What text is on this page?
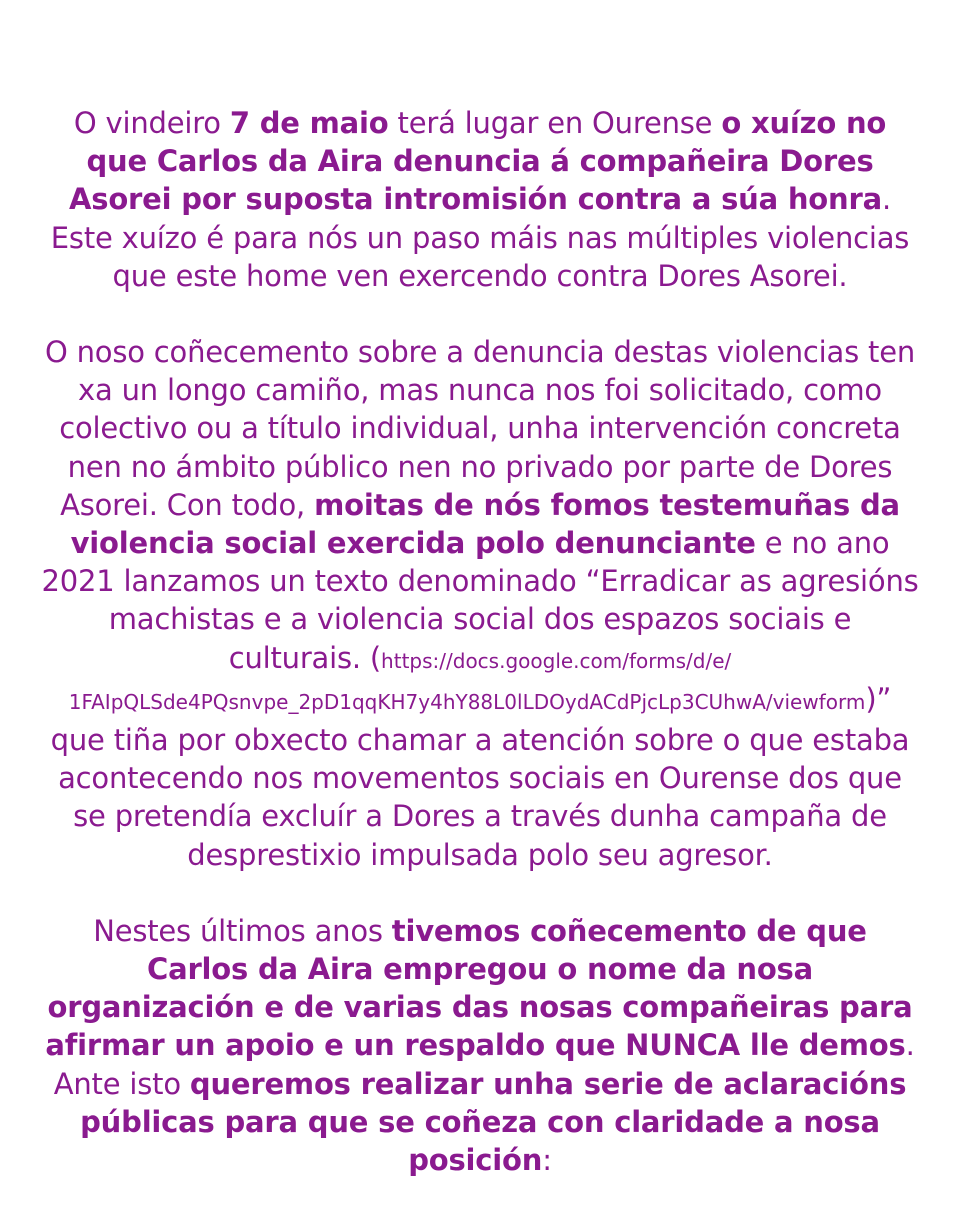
O vindeiro 7 de maio terá lugar en Ourense o xuízo no que Carlos da Aira denuncia á compañeira Dores Asorei por suposta intromisión contra a súa honra. Este xuízo é para nós un paso máis nas múltiples violencias que este home ven exercendo contra Dores Asorei.

O noso coñecemento sobre a denuncia destas violencias ten xa un longo camiño, mas nunca nos foi solicitado, como colectivo ou a título individual, unha intervención concreta nen no ámbito público nen no privado por parte de Dores Asorei. Con todo, moitas de nós fomos testemuñas da violencia social exercida polo denunciante e no ano 2021 lanzamos un texto denominado “Erradicar as agresións machistas e a violencia social dos espazos sociais e culturais. (https://docs.google.com/forms/d/e/1FAIpQLSde4PQsnvpe_2pD1qqKH7y4hY88L0lLDOydACdPjcLp3CUhwA/viewform)” que tiña por obxecto chamar a atención sobre o que estaba acontecendo nos movementos sociais en Ourense dos que se pretendía excluír a Dores a través dunha campaña de desprestixio impulsada polo seu agresor.

Nestes últimos anos tivemos coñecemento de que Carlos da Aira empregou o nome da nosa organización e de varias das nosas compañeiras para afirmar un apoio e un respaldo que NUNCA lle demos. Ante isto queremos realizar unha serie de aclaracións públicas para que se coñeza con claridade a nosa posición:
